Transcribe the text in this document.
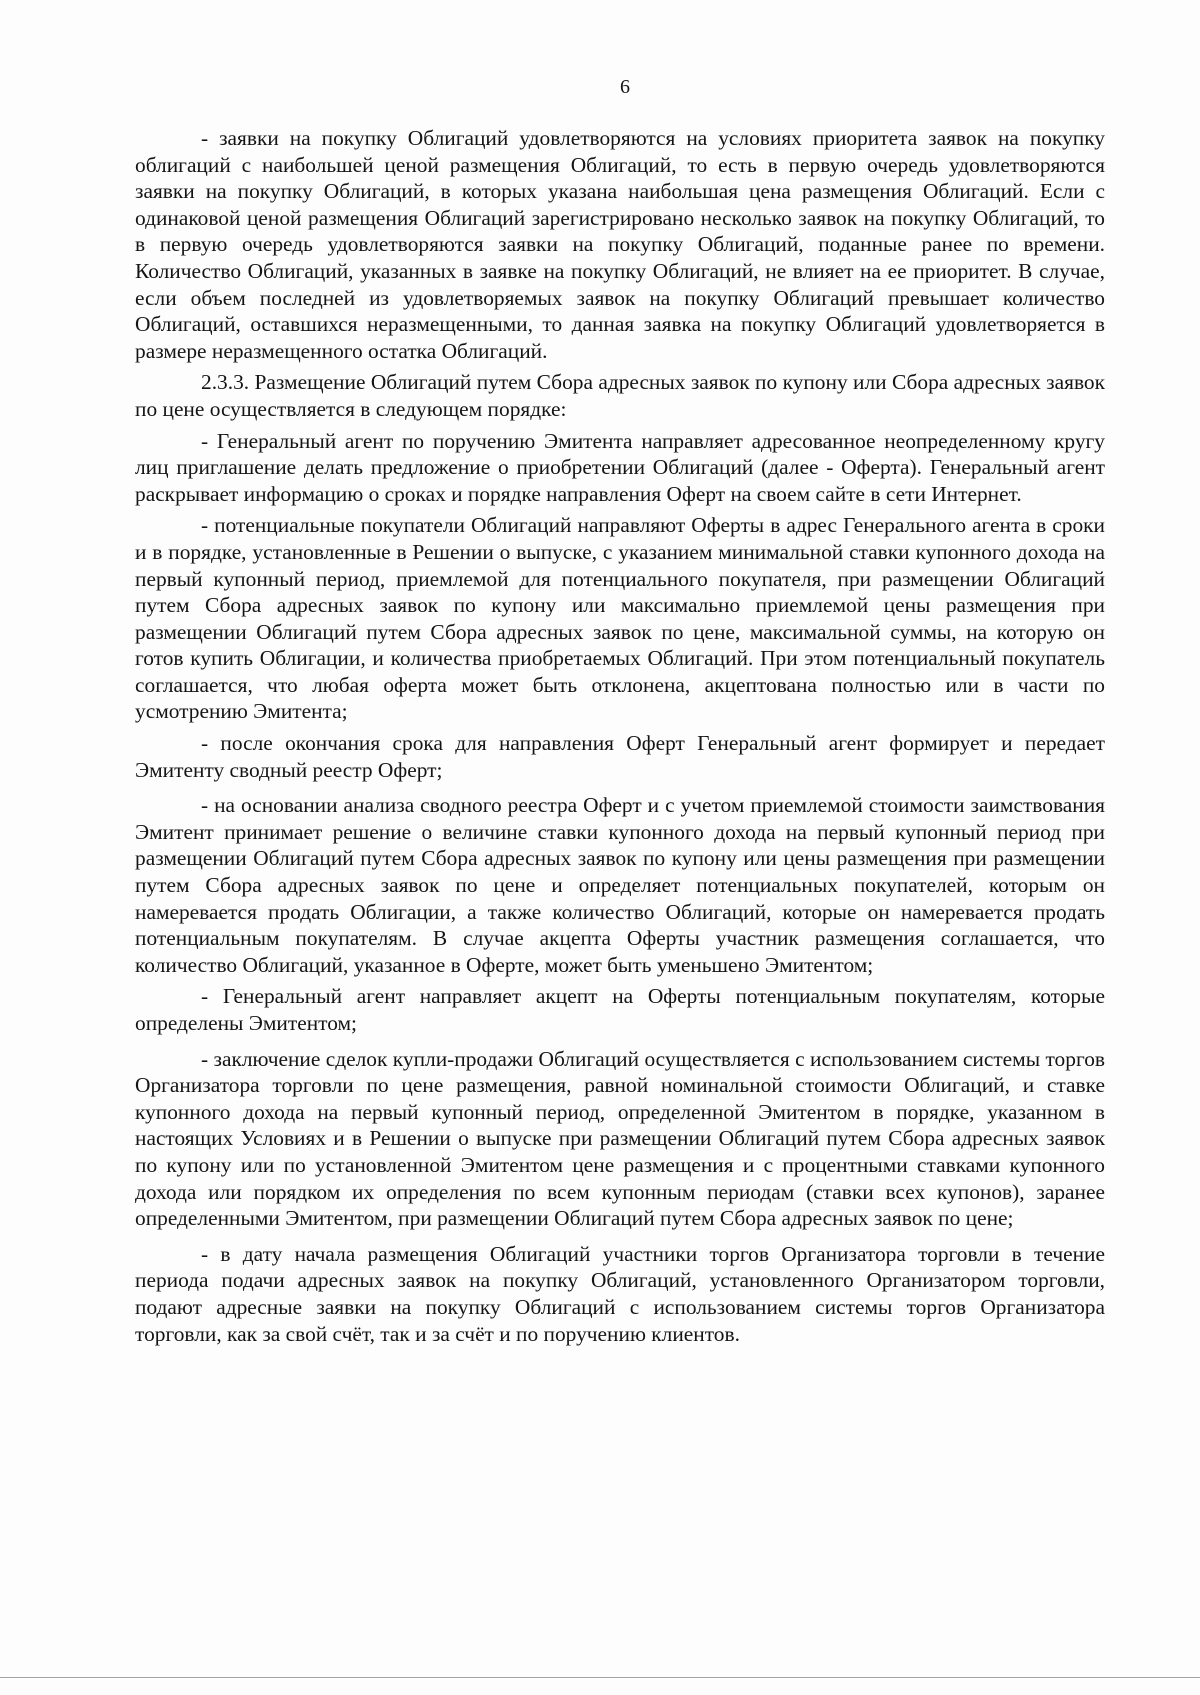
6

- заявки на покупку Облигаций удовлетворяются на условиях приоритета заявок на покупку облигаций с наибольшей ценой размещения Облигаций, то есть в первую очередь удовлетворяются заявки на покупку Облигаций, в которых указана наибольшая цена размещения Облигаций. Если с одинаковой ценой размещения Облигаций зарегистрировано несколько заявок на покупку Облигаций, то в первую очередь удовлетворяются заявки на покупку Облигаций, поданные ранее по времени. Количество Облигаций, указанных в заявке на покупку Облигаций, не влияет на ее приоритет. В случае, если объем последней из удовлетворяемых заявок на покупку Облигаций превышает количество Облигаций, оставшихся неразмещенными, то данная заявка на покупку Облигаций удовлетворяется в размере неразмещенного остатка Облигаций.

2.3.3. Размещение Облигаций путем Сбора адресных заявок по купону или Сбора адресных заявок по цене осуществляется в следующем порядке:

- Генеральный агент по поручению Эмитента направляет адресованное неопределенному кругу лиц приглашение делать предложение о приобретении Облигаций (далее - Оферта). Генеральный агент раскрывает информацию о сроках и порядке направления Оферт на своем сайте в сети Интернет.

- потенциальные покупатели Облигаций направляют Оферты в адрес Генерального агента в сроки и в порядке, установленные в Решении о выпуске, с указанием минимальной ставки купонного дохода на первый купонный период, приемлемой для потенциального покупателя, при размещении Облигаций путем Сбора адресных заявок по купону или максимально приемлемой цены размещения при размещении Облигаций путем Сбора адресных заявок по цене, максимальной суммы, на которую он готов купить Облигации, и количества приобретаемых Облигаций. При этом потенциальный покупатель соглашается, что любая оферта может быть отклонена, акцептована полностью или в части по усмотрению Эмитента;

- после окончания срока для направления Оферт Генеральный агент формирует и передает Эмитенту сводный реестр Оферт;

- на основании анализа сводного реестра Оферт и с учетом приемлемой стоимости заимствования Эмитент принимает решение о величине ставки купонного дохода на первый купонный период при размещении Облигаций путем Сбора адресных заявок по купону или цены размещения при размещении путем Сбора адресных заявок по цене и определяет потенциальных покупателей, которым он намеревается продать Облигации, а также количество Облигаций, которые он намеревается продать потенциальным покупателям. В случае акцепта Оферты участник размещения соглашается, что количество Облигаций, указанное в Оферте, может быть уменьшено Эмитентом;

- Генеральный агент направляет акцепт на Оферты потенциальным покупателям, которые определены Эмитентом;

- заключение сделок купли-продажи Облигаций осуществляется с использованием системы торгов Организатора торговли по цене размещения, равной номинальной стоимости Облигаций, и ставке купонного дохода на первый купонный период, определенной Эмитентом в порядке, указанном в настоящих Условиях и в Решении о выпуске при размещении Облигаций путем Сбора адресных заявок по купону или по установленной Эмитентом цене размещения и с процентными ставками купонного дохода или порядком их определения по всем купонным периодам (ставки всех купонов), заранее определенными Эмитентом, при размещении Облигаций путем Сбора адресных заявок по цене;

- в дату начала размещения Облигаций участники торгов Организатора торговли в течение периода подачи адресных заявок на покупку Облигаций, установленного Организатором торговли, подают адресные заявки на покупку Облигаций с использованием системы торгов Организатора торговли, как за свой счёт, так и за счёт и по поручению клиентов.
